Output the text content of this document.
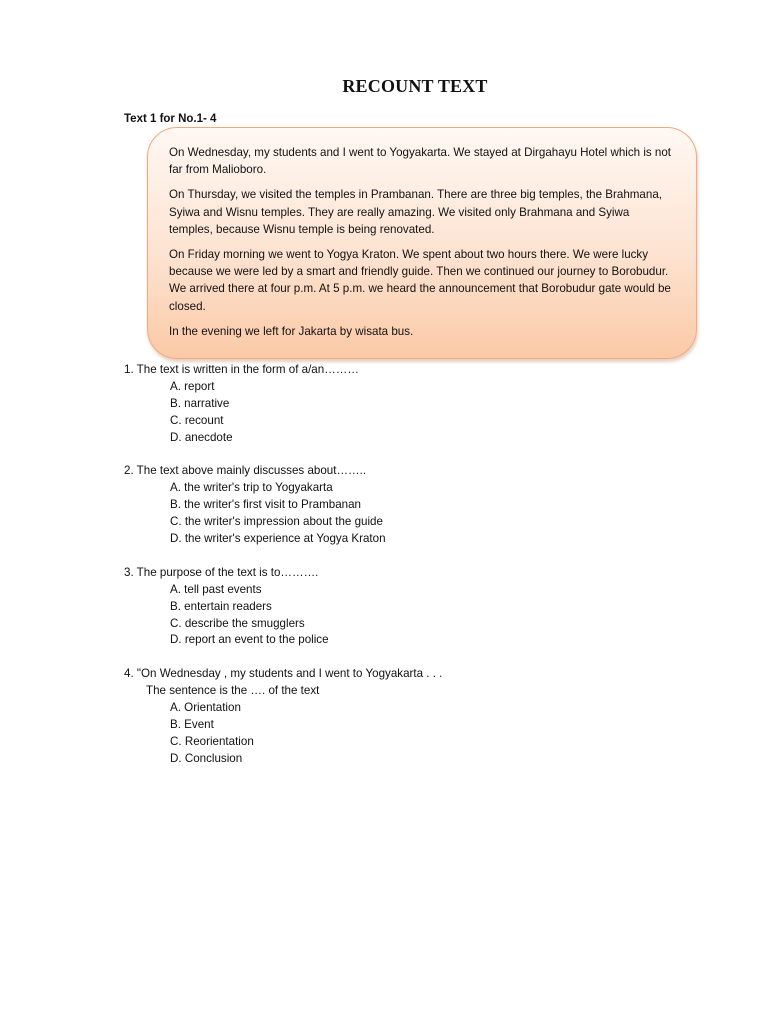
RECOUNT TEXT
Text 1 for No.1- 4

On Wednesday, my students and I went to Yogyakarta. We stayed at Dirgahayu Hotel which is not far from Malioboro.

On Thursday, we visited the temples in Prambanan. There are three big temples, the Brahmana, Syiwa and Wisnu temples. They are really amazing. We visited only Brahmana and Syiwa temples, because Wisnu temple is being renovated.

On Friday morning we went to Yogya Kraton. We spent about two hours there. We were lucky because we were led by a smart and friendly guide. Then we continued our journey to Borobudur. We arrived there at four p.m. At 5 p.m. we heard the announcement that Borobudur gate would be closed.

In the evening we left for Jakarta by wisata bus.

1. The text is written in the form of a/an………
A. report
B. narrative
C. recount
D. anecdote
2. The text above mainly discusses about……..
A. the writer's trip to Yogyakarta
B. the writer's first visit to Prambanan
C. the writer's impression about the guide
D. the writer's experience at Yogya Kraton
3. The purpose of the text is to……….
A. tell past events
B. entertain readers
C. describe the smugglers
D. report an event to the police
4. "On Wednesday , my students and I went to Yogyakarta . . .
The sentence is the …. of the text
A. Orientation
B. Event
C. Reorientation
D. Conclusion
